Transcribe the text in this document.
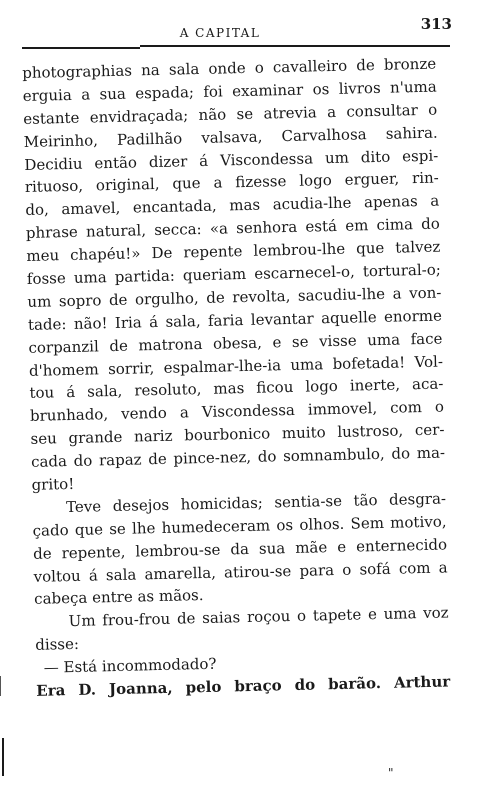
A CAPITAL	313
photographias na sala onde o cavalleiro de bronze
erguia a sua espada; foi examinar os livros n'uma
estante envidraçada; não se atrevia a consultar o
Meirinho, Padilhão valsava, Carvalhosa sahira.
Decidiu então dizer á Viscondessa um dito espi-
rituoso, original, que a fizesse logo erguer, rin-
do, amavel, encantada, mas acudia-lhe apenas a
phrase natural, secca: «a senhora está em cima do
meu chapéu!» De repente lembrou-lhe que talvez
fosse uma partida: queriam escarnecel-o, tortural-o;
um sopro de orgulho, de revolta, sacudiu-lhe a von-
tade: não! Iria á sala, faria levantar aquelle enorme
corpanzil de matrona obesa, e se visse uma face
d'homem sorrir, espalmar-lhe-ia uma bofetada! Vol-
tou á sala, resoluto, mas ficou logo inerte, aca-
brunhado, vendo a Viscondessa immovel, com o
seu grande nariz bourbonico muito lustroso, cer-
cada do rapaz de pince-nez, do somnambulo, do ma-
grito!
Teve desejos homicidas; sentia-se tão desgra-
çado que se lhe humedeceram os olhos. Sem motivo,
de repente, lembrou-se da sua mãe e enternecido
voltou á sala amarella, atirou-se para o sofá com a
cabeça entre as mãos.
Um frou-frou de saias roçou o tapete e uma voz
disse:
— Está incommodado?
Era D. Joanna, pelo braço do barão. Arthur
"
